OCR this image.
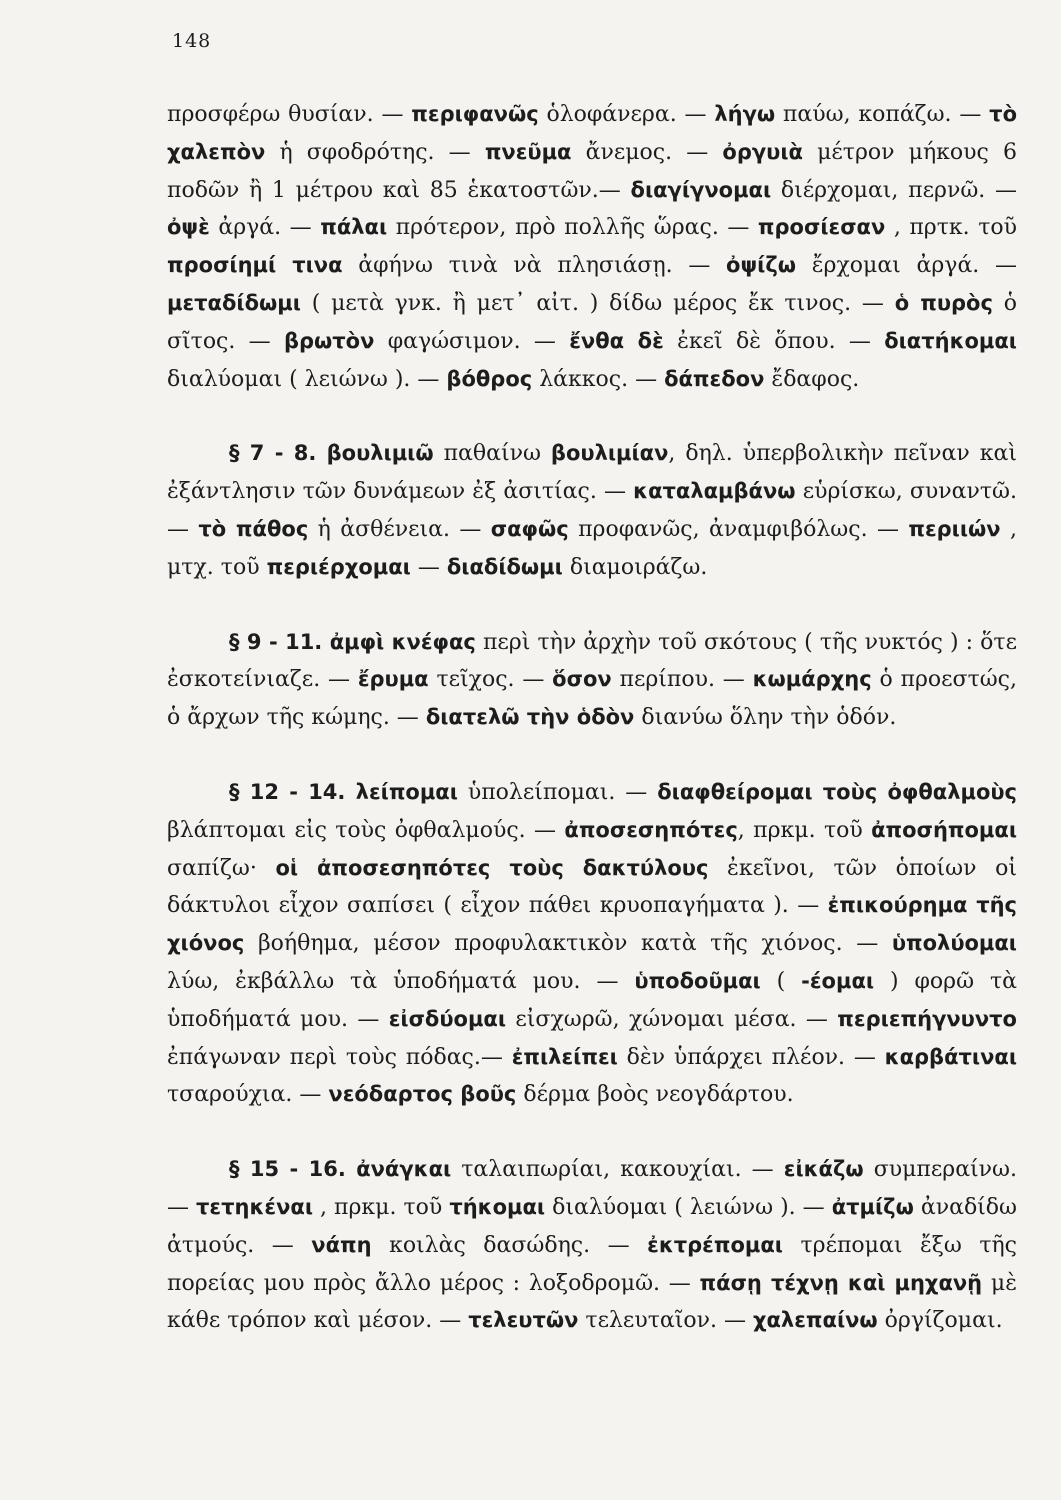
148

προσφέρω θυσίαν. — περιφανῶς ὁλοφάνερα. — λήγω παύω, κοπάζω. — τὸ χαλεπὸν ἡ σφοδρότης. — πνεῦμα ἄνεμος. — ὀργυιὰ μέτρον μήκους 6 ποδῶν ἢ 1 μέτρου καὶ 85 ἑκατοστῶν.— διαγίγνομαι διέρχομαι, περνῶ. — ὀψὲ ἀργά. — πάλαι πρότερον, πρὸ πολλῆς ὥρας. — προσίεσαν , πρτκ. τοῦ προσίημί τινα ἀφήνω τινὰ νὰ πλησιάσῃ. — ὀψίζω ἔρχομαι ἀργά. — μεταδίδωμι ( μετὰ γνκ. ἢ μετ᾽ αἰτ. ) δίδω μέρος ἔκ τινος. — ὁ πυρὸς ὁ σῖτος. — βρωτὸν φαγώσιμον. — ἔνθα δὲ ἐκεῖ δὲ ὅπου. — διατήκομαι διαλύομαι ( λειώνω ). — βόθρος λάκκος. — δάπεδον ἔδαφος.

§ 7 - 8. βουλιμιῶ παθαίνω βουλιμίαν, δηλ. ὑπερβολικὴν πεῖναν καὶ ἐξάντλησιν τῶν δυνάμεων ἐξ ἀσιτίας. — καταλαμβάνω εὑρίσκω, συναντῶ. — τὸ πάθος ἡ ἀσθένεια. — σαφῶς προφανῶς, ἀναμφιβόλως. — περιιών , μτχ. τοῦ περιέρχομαι — διαδίδωμι διαμοιράζω.

§ 9 - 11. ἀμφὶ κνέφας περὶ τὴν ἀρχὴν τοῦ σκότους ( τῆς νυκτός ) : ὅτε ἐσκοτείνιαζε. — ἔρυμα τεῖχος. — ὅσον περίπου. — κωμάρχης ὁ προεστώς, ὁ ἄρχων τῆς κώμης. — διατελῶ τὴν ὁδὸν διανύω ὅλην τὴν ὁδόν.

§ 12 - 14. λείπομαι ὑπολείπομαι. — διαφθείρομαι τοὺς ὀφθαλμοὺς βλάπτομαι εἰς τοὺς ὀφθαλμούς. — ἀποσεσηπότες, πρκμ. τοῦ ἀποσήπομαι σαπίζω· οἱ ἀποσεσηπότες τοὺς δακτύλους ἐκεῖνοι, τῶν ὁποίων οἱ δάκτυλοι εἶχον σαπίσει ( εἶχον πάθει κρυοπαγήματα ). — ἐπικούρημα τῆς χιόνος βοήθημα, μέσον προφυλακτικὸν κατὰ τῆς χιόνος. — ὑπολύομαι λύω, ἐκβάλλω τὰ ὑποδήματά μου. — ὑποδοῦμαι ( -έομαι ) φορῶ τὰ ὑποδήματά μου. — εἰσδύομαι εἰσχωρῶ, χώνομαι μέσα. — περιεπήγνυντο ἐπάγωναν περὶ τοὺς πόδας.— ἐπιλείπει δὲν ὑπάρχει πλέον. — καρβάτιναι τσαρούχια. — νεόδαρτος βοῦς δέρμα βοὸς νεογδάρτου.

§ 15 - 16. ἀνάγκαι ταλαιπωρίαι, κακουχίαι. — εἰκάζω συμπεραίνω. — τετηκέναι , πρκμ. τοῦ τήκομαι διαλύομαι ( λειώνω ). — ἀτμίζω ἀναδίδω ἀτμούς. — νάπη κοιλὰς δασώδης. — ἐκτρέπομαι τρέπομαι ἔξω τῆς πορείας μου πρὸς ἄλλο μέρος : λοξοδρομῶ. — πάσῃ τέχνῃ καὶ μηχανῇ μὲ κάθε τρόπον καὶ μέσον. — τελευτῶν τελευταῖον. — χαλεπαίνω ὀργίζομαι.
